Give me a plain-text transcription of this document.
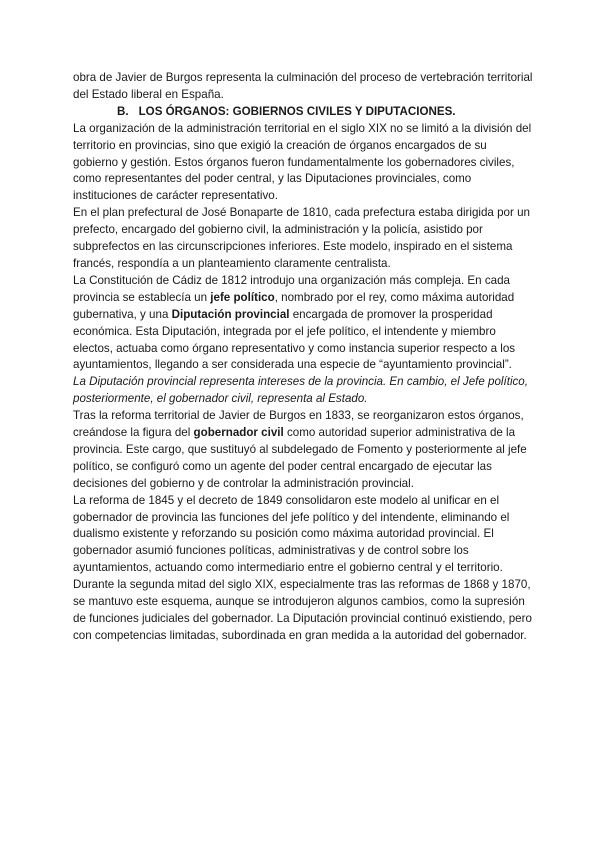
obra de Javier de Burgos representa la culminación del proceso de vertebración territorial del Estado liberal en España.

B. LOS ÓRGANOS: GOBIERNOS CIVILES Y DIPUTACIONES.

La organización de la administración territorial en el siglo XIX no se limitó a la división del territorio en provincias, sino que exigió la creación de órganos encargados de su gobierno y gestión. Estos órganos fueron fundamentalmente los gobernadores civiles, como representantes del poder central, y las Diputaciones provinciales, como instituciones de carácter representativo.

En el plan prefectural de José Bonaparte de 1810, cada prefectura estaba dirigida por un prefecto, encargado del gobierno civil, la administración y la policía, asistido por subprefectos en las circunscripciones inferiores. Este modelo, inspirado en el sistema francés, respondía a un planteamiento claramente centralista.

La Constitución de Cádiz de 1812 introdujo una organización más compleja. En cada provincia se establecía un jefe político, nombrado por el rey, como máxima autoridad gubernativa, y una Diputación provincial encargada de promover la prosperidad económica. Esta Diputación, integrada por el jefe político, el intendente y miembro electos, actuaba como órgano representativo y como instancia superior respecto a los ayuntamientos, llegando a ser considerada una especie de “ayuntamiento provincial”.

La Diputación provincial representa intereses de la provincia. En cambio, el Jefe político, posteriormente, el gobernador civil, representa al Estado.

Tras la reforma territorial de Javier de Burgos en 1833, se reorganizaron estos órganos, creándose la figura del gobernador civil como autoridad superior administrativa de la provincia. Este cargo, que sustituyó al subdelegado de Fomento y posteriormente al jefe político, se configuró como un agente del poder central encargado de ejecutar las decisiones del gobierno y de controlar la administración provincial.

La reforma de 1845 y el decreto de 1849 consolidaron este modelo al unificar en el gobernador de provincia las funciones del jefe político y del intendente, eliminando el dualismo existente y reforzando su posición como máxima autoridad provincial. El gobernador asumió funciones políticas, administrativas y de control sobre los ayuntamientos, actuando como intermediario entre el gobierno central y el territorio.

Durante la segunda mitad del siglo XIX, especialmente tras las reformas de 1868 y 1870, se mantuvo este esquema, aunque se introdujeron algunos cambios, como la supresión de funciones judiciales del gobernador. La Diputación provincial continuó existiendo, pero con competencias limitadas, subordinada en gran medida a la autoridad del gobernador.
